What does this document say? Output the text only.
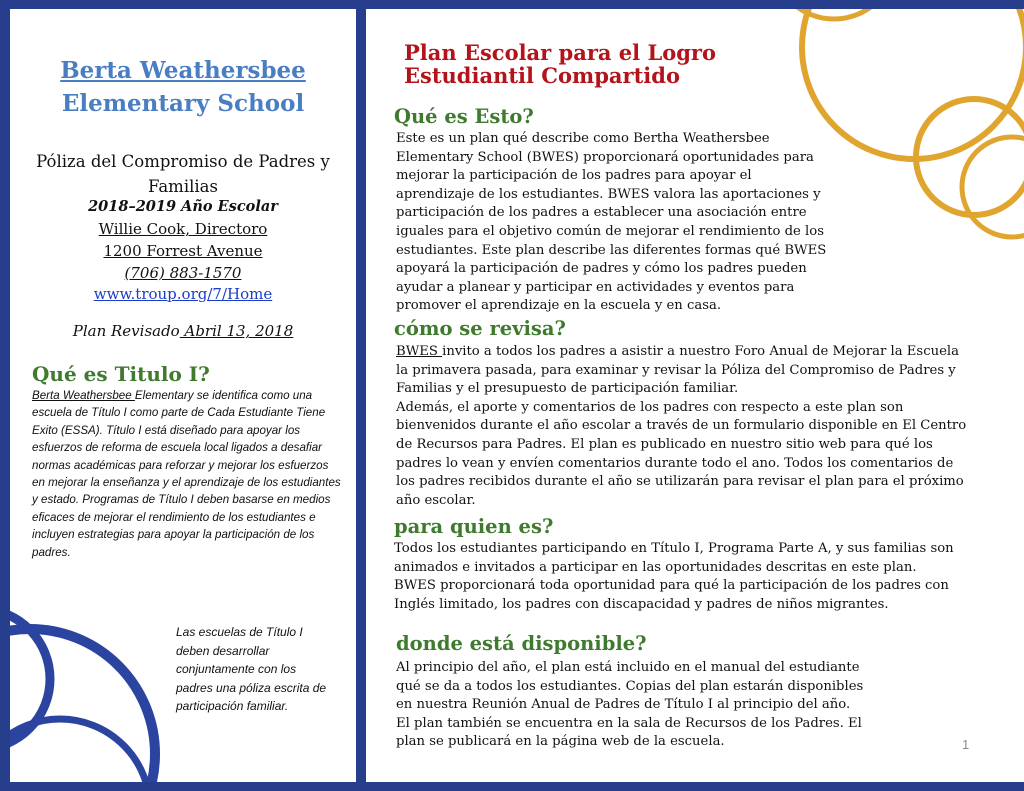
Berta Weathersbee
Elementary School
Póliza del Compromiso de Padres y Familias
2018–2019 Año Escolar
Willie Cook, Directoro
1200 Forrest Avenue
(706) 883-1570
www.troup.org/7/Home
Plan Revisado Abril 13, 2018
Qué es Titulo I?
Berta Weathersbee Elementary se identifica como una escuela de Título I como parte de Cada Estudiante Tiene Exito (ESSA). Título I está diseñado para apoyar los esfuerzos de reforma de escuela local ligados a desafiar normas académicas para reforzar y mejorar los esfuerzos en mejorar la enseñanza y el aprendizaje de los estudiantes y estado. Programas de Título I deben basarse en medios eficaces de mejorar el rendimiento de los estudiantes e incluyen estrategias para apoyar la participación de los padres.
Las escuelas de Título I deben desarrollar conjuntamente con los padres una póliza escrita de participación familiar.
Plan Escolar para el Logro
Estudiantil Compartido
Qué es Esto?
Este es un plan qué describe como Bertha Weathersbee Elementary School (BWES) proporcionará oportunidades para mejorar la participación de los padres para apoyar el aprendizaje de los estudiantes. BWES valora las aportaciones y participación de los padres a establecer una asociación entre iguales para el objetivo común de mejorar el rendimiento de los estudiantes. Este plan describe las diferentes formas qué BWES apoyará la participación de padres y cómo los padres pueden ayudar a planear y participar en actividades y eventos para promover el aprendizaje en la escuela y en casa.
cómo se revisa?
BWES invito a todos los padres a asistir a nuestro Foro Anual de Mejorar la Escuela la primavera pasada, para examinar y revisar la Póliza del Compromiso de Padres y Familias y el presupuesto de participación familiar.
Además, el aporte y comentarios de los padres con respecto a este plan son bienvenidos durante el año escolar a través de un formulario disponible en El Centro de Recursos para Padres. El plan es publicado en nuestro sitio web para qué los padres lo vean y envíen comentarios durante todo el ano. Todos los comentarios de los padres recibidos durante el año se utilizarán para revisar el plan para el próximo año escolar.
para quien es?
Todos los estudiantes participando en Título I, Programa Parte A, y sus familias son animados e invitados a participar en las oportunidades descritas en este plan. BWES proporcionará toda oportunidad para qué la participación de los padres con Inglés limitado, los padres con discapacidad y padres de niños migrantes.
donde está disponible?
Al principio del año, el plan está incluido en el manual del estudiante qué se da a todos los estudiantes. Copias del plan estarán disponibles en nuestra Reunión Anual de Padres de Título I al principio del año. El plan también se encuentra en la sala de Recursos de los Padres. El plan se publicará en la página web de la escuela.	1
